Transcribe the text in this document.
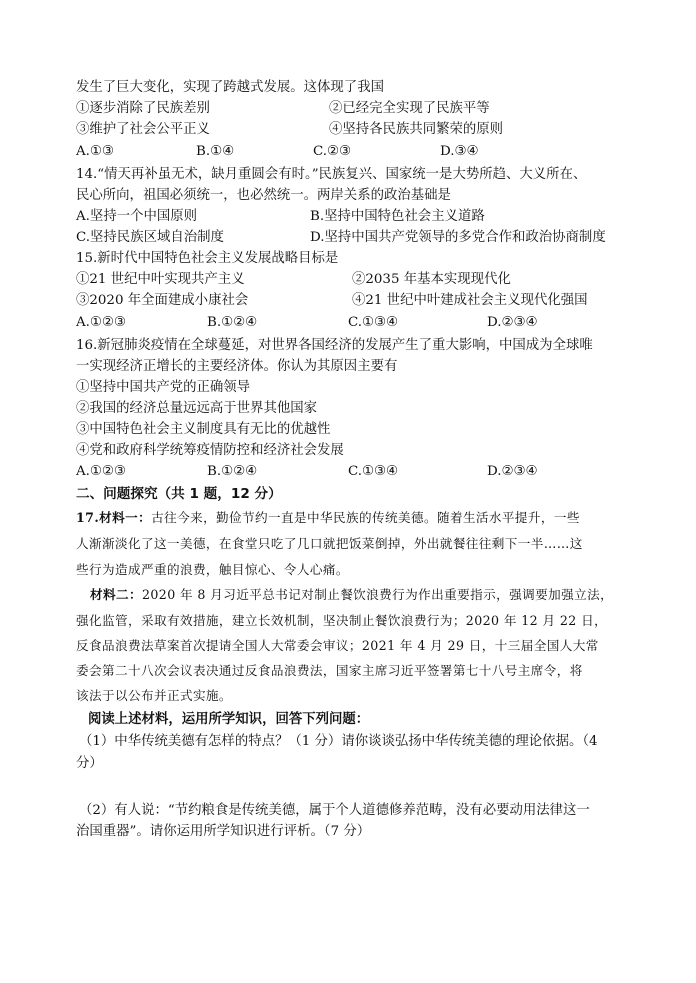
发生了巨大变化，实现了跨越式发展。这体现了我国
①逐步消除了民族差别	②已经完全实现了民族平等
③维护了社会公平正义	④坚持各民族共同繁荣的原则
A.①③	B.①④	C.②③	D.③④
14.“情天再补虽无术，缺月重圆会有时。”民族复兴、国家统一是大势所趋、大义所在、
民心所向，祖国必须统一，也必然统一。两岸关系的政治基础是
A.坚持一个中国原则	B.坚持中国特色社会主义道路
C.坚持民族区域自治制度	D.坚持中国共产党领导的多党合作和政治协商制度
15.新时代中国特色社会主义发展战略目标是
①21 世纪中叶实现共产主义	②2035 年基本实现现代化
③2020 年全面建成小康社会	④21 世纪中叶建成社会主义现代化强国
A.①②③	B.①②④	C.①③④	D.②③④
16.新冠肺炎疫情在全球蔓延，对世界各国经济的发展产生了重大影响，中国成为全球唯
一实现经济正增长的主要经济体。你认为其原因主要有
①坚持中国共产党的正确领导
②我国的经济总量远远高于世界其他国家
③中国特色社会主义制度具有无比的优越性
④党和政府科学统筹疫情防控和经济社会发展
A.①②③	B.①②④	C.①③④	D.②③④
二、问题探究（共 1 题，12 分）
17.材料一：古往今来，勤俭节约一直是中华民族的传统美德。随着生活水平提升，一些
人渐渐淡化了这一美德，在食堂只吃了几口就把饭菜倒掉，外出就餐往往剩下一半……这
些行为造成严重的浪费，触目惊心、令人心痛。
材料二：2020 年 8 月习近平总书记对制止餐饮浪费行为作出重要指示，强调要加强立法，
强化监管，采取有效措施，建立长效机制，坚决制止餐饮浪费行为；2020 年 12 月 22 日，
反食品浪费法草案首次提请全国人大常委会审议；2021 年 4 月 29 日，十三届全国人大常
委会第二十八次会议表决通过反食品浪费法，国家主席习近平签署第七十八号主席令，将
该法于以公布并正式实施。
阅读上述材料，运用所学知识，回答下列问题：
（1）中华传统美德有怎样的特点？（1 分）请你谈谈弘扬中华传统美德的理论依据。（4
分）
（2）有人说：“节约粮食是传统美德，属于个人道德修养范畴，没有必要动用法律这一
治国重器”。请你运用所学知识进行评析。（7 分）
